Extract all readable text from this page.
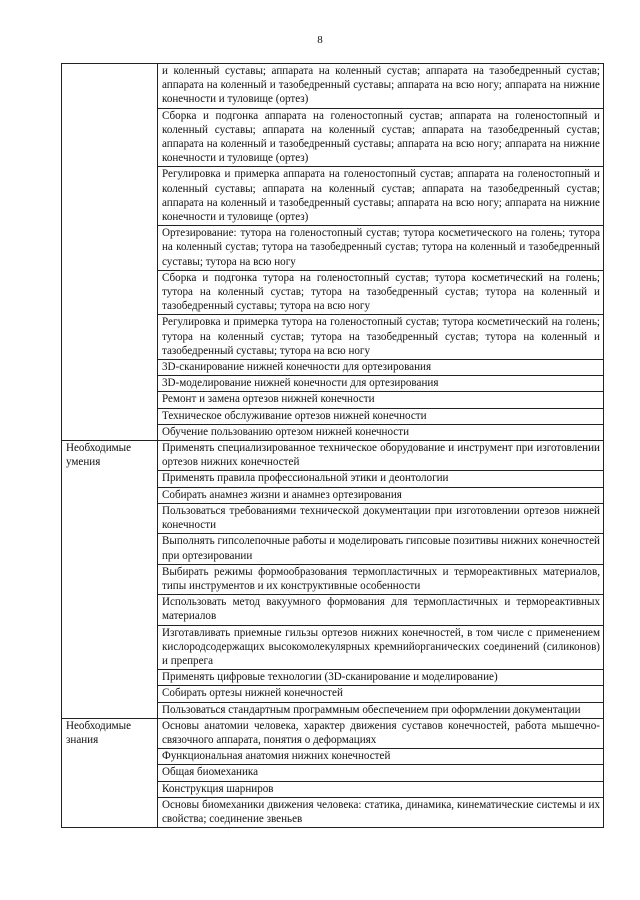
8
	и коленный суставы; аппарата на коленный сустав; аппарата на тазобедренный сустав; аппарата на коленный и тазобедренный суставы; аппарата на всю ногу; аппарата на нижние конечности и туловище (ортез)
	Сборка и подгонка аппарата на голеностопный сустав; аппарата на голеностопный и коленный суставы; аппарата на коленный сустав; аппарата на тазобедренный сустав; аппарата на коленный и тазобедренный суставы; аппарата на всю ногу; аппарата на нижние конечности и туловище (ортез)
	Регулировка и примерка аппарата на голеностопный сустав; аппарата на голеностопный и коленный суставы; аппарата на коленный сустав; аппарата на тазобедренный сустав; аппарата на коленный и тазобедренный суставы; аппарата на всю ногу; аппарата на нижние конечности и туловище (ортез)
	Ортезирование: тутора на голеностопный сустав; тутора косметического на голень; тутора на коленный сустав; тутора на тазобедренный сустав; тутора на коленный и тазобедренный суставы; тутора на всю ногу
	Сборка и подгонка тутора на голеностопный сустав; тутора косметический на голень; тутора на коленный сустав; тутора на тазобедренный сустав; тутора на коленный и тазобедренный суставы; тутора на всю ногу
	Регулировка и примерка тутора на голеностопный сустав; тутора косметический на голень; тутора на коленный сустав; тутора на тазобедренный сустав; тутора на коленный и тазобедренный суставы; тутора на всю ногу
	3D-сканирование нижней конечности для ортезирования
	3D-моделирование нижней конечности для ортезирования
	Ремонт и замена ортезов нижней конечности
	Техническое обслуживание ортезов нижней конечности
	Обучение пользованию ортезом нижней конечности
Необходимые умения	Применять специализированное техническое оборудование и инструмент при изготовлении ортезов нижних конечностей
	Применять правила профессиональной этики и деонтологии
	Собирать анамнез жизни и анамнез ортезирования
	Пользоваться требованиями технической документации при изготовлении ортезов нижней конечности
	Выполнять гипсолепочные работы и моделировать гипсовые позитивы нижних конечностей при ортезировании
	Выбирать режимы формообразования термопластичных и термореактивных материалов, типы инструментов и их конструктивные особенности
	Использовать метод вакуумного формования для термопластичных и термореактивных материалов
	Изготавливать приемные гильзы ортезов нижних конечностей, в том числе с применением кислородсодержащих высокомолекулярных кремнийорганических соединений (силиконов) и препрега
	Применять цифровые технологии (3D-сканирование и моделирование)
	Собирать ортезы нижней конечностей
	Пользоваться стандартным программным обеспечением при оформлении документации
Необходимые знания	Основы анатомии человека, характер движения суставов конечностей, работа мышечно-связочного аппарата, понятия о деформациях
	Функциональная анатомия нижних конечностей
	Общая биомеханика
	Конструкция шарниров
	Основы биомеханики движения человека: статика, динамика, кинематические системы и их свойства; соединение звеньев
